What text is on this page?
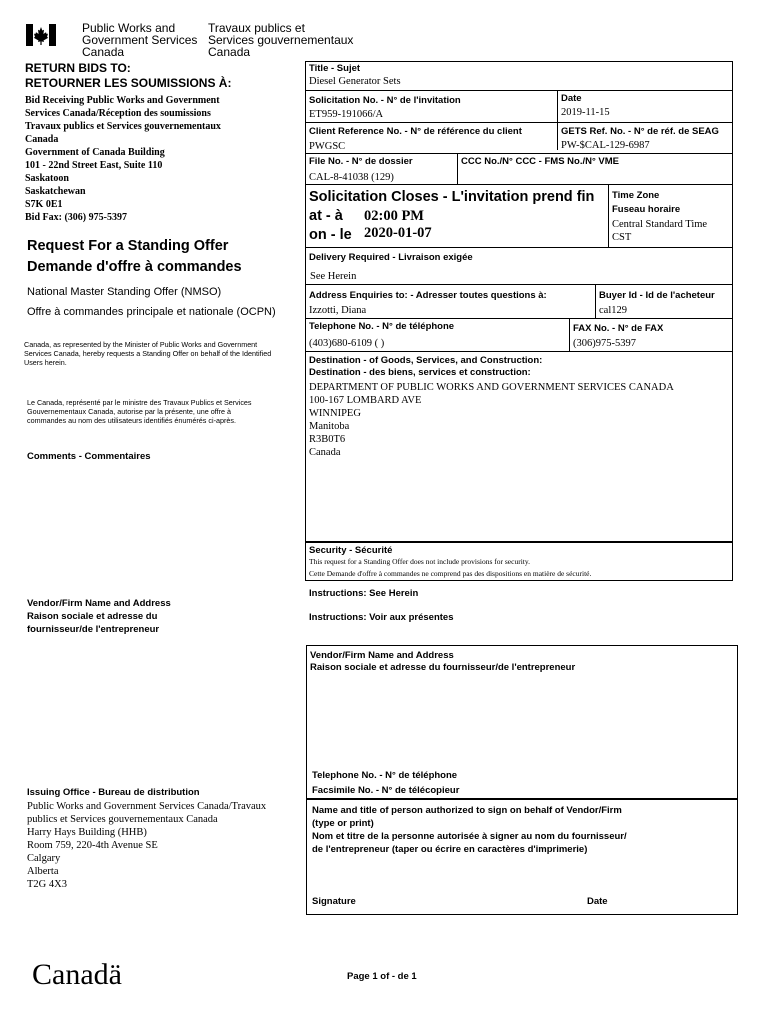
Public Works and
Government Services
Canada
Travaux publics et
Services gouvernementaux
Canada
RETURN BIDS TO:
RETOURNER LES SOUMISSIONS À:
Bid Receiving Public Works and Government
Services Canada/Réception des soumissions
Travaux publics et Services gouvernementaux
Canada
Government of Canada Building
101 - 22nd Street East, Suite 110
Saskatoon
Saskatchewan
S7K 0E1
Bid Fax: (306) 975-5397
Request For a Standing Offer
Demande d'offre à commandes
National Master Standing Offer (NMSO)
Offre à commandes principale et nationale (OCPN)
Canada, as represented by the Minister of Public Works and Government Services Canada, hereby requests a Standing Offer on behalf of the Identified Users herein.
Le Canada, représenté par le ministre des Travaux Publics et Services Gouvernementaux Canada, autorise par la présente, une offre à commandes au nom des utilisateurs identifiés énumérés ci-après.
Comments - Commentaires
Vendor/Firm Name and Address
Raison sociale et adresse du
fournisseur/de l'entrepreneur
Issuing Office - Bureau de distribution
Public Works and Government Services Canada/Travaux
publics et Services gouvernementaux Canada
Harry Hays Building (HHB)
Room 759, 220-4th Avenue SE
Calgary
Alberta
T2G 4X3
Title - Sujet
Diesel Generator Sets
Solicitation No. - N° de l'invitation
ET959-191066/A
Date
2019-11-15
Client Reference No. - N° de référence du client
PWGSC
GETS Ref. No. - N° de réf. de SEAG
PW-$CAL-129-6987
File No. - N° de dossier
CAL-8-41038 (129)
CCC No./N° CCC - FMS No./N° VME
Solicitation Closes - L'invitation prend fin
at - à 02:00 PM
on - le 2020-01-07
Time Zone
Fuseau horaire
Central Standard Time
CST
Delivery Required - Livraison exigée
See Herein
Address Enquiries to: - Adresser toutes questions à:
Izzotti, Diana
Buyer Id - Id de l'acheteur
cal129
Telephone No. - N° de téléphone
(403)680-6109 ( )
FAX No. - N° de FAX
(306)975-5397
Destination - of Goods, Services, and Construction:
Destination - des biens, services et construction:
DEPARTMENT OF PUBLIC WORKS AND GOVERNMENT SERVICES CANADA
100-167 LOMBARD AVE
WINNIPEG
Manitoba
R3B0T6
Canada
Security - Sécurité
This request for a Standing Offer does not include provisions for security.
Cette Demande d'offre à commandes ne comprend pas des dispositions en matière de sécurité.
Instructions: See Herein
Instructions: Voir aux présentes
Vendor/Firm Name and Address
Raison sociale et adresse du fournisseur/de l'entrepreneur
Telephone No. - N° de téléphone
Facsimile No. - N° de télécopieur
Name and title of person authorized to sign on behalf of Vendor/Firm
(type or print)
Nom et titre de la personne autorisée à signer au nom du fournisseur/
de l'entrepreneur (taper ou écrire en caractères d'imprimerie)
Signature	Date
Canadä	Page 1 of - de 1
